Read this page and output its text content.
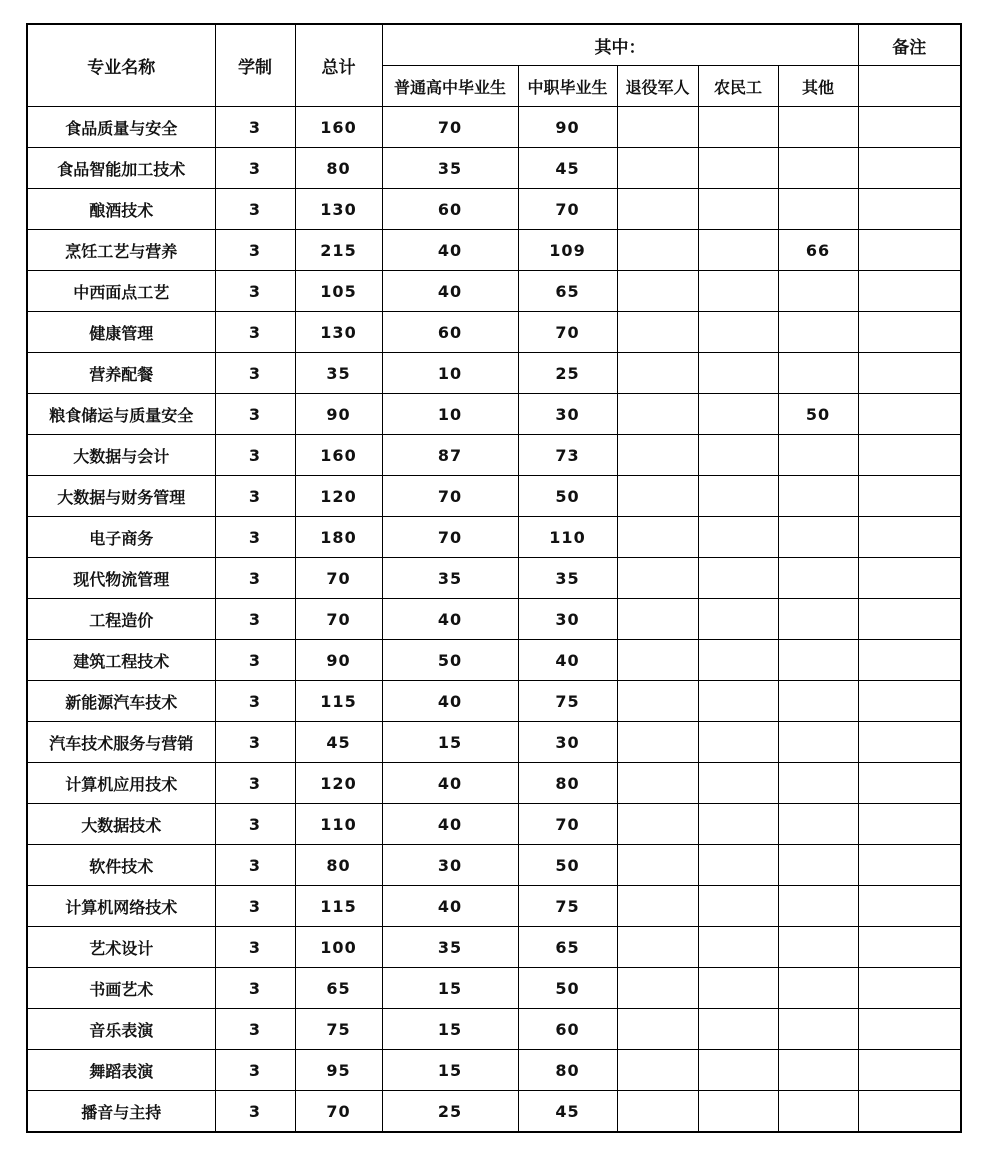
专业名称	学制	总计	其中：					备注
			普通高中毕业生	中职毕业生	退役军人	农民工	其他	
食品质量与安全	3	160	70	90				
食品智能加工技术	3	80	35	45				
酿酒技术	3	130	60	70				
烹饪工艺与营养	3	215	40	109			66	
中西面点工艺	3	105	40	65				
健康管理	3	130	60	70				
营养配餐	3	35	10	25				
粮食储运与质量安全	3	90	10	30			50	
大数据与会计	3	160	87	73				
大数据与财务管理	3	120	70	50				
电子商务	3	180	70	110				
现代物流管理	3	70	35	35				
工程造价	3	70	40	30				
建筑工程技术	3	90	50	40				
新能源汽车技术	3	115	40	75				
汽车技术服务与营销	3	45	15	30				
计算机应用技术	3	120	40	80				
大数据技术	3	110	40	70				
软件技术	3	80	30	50				
计算机网络技术	3	115	40	75				
艺术设计	3	100	35	65				
书画艺术	3	65	15	50				
音乐表演	3	75	15	60				
舞蹈表演	3	95	15	80				
播音与主持	3	70	25	45				
